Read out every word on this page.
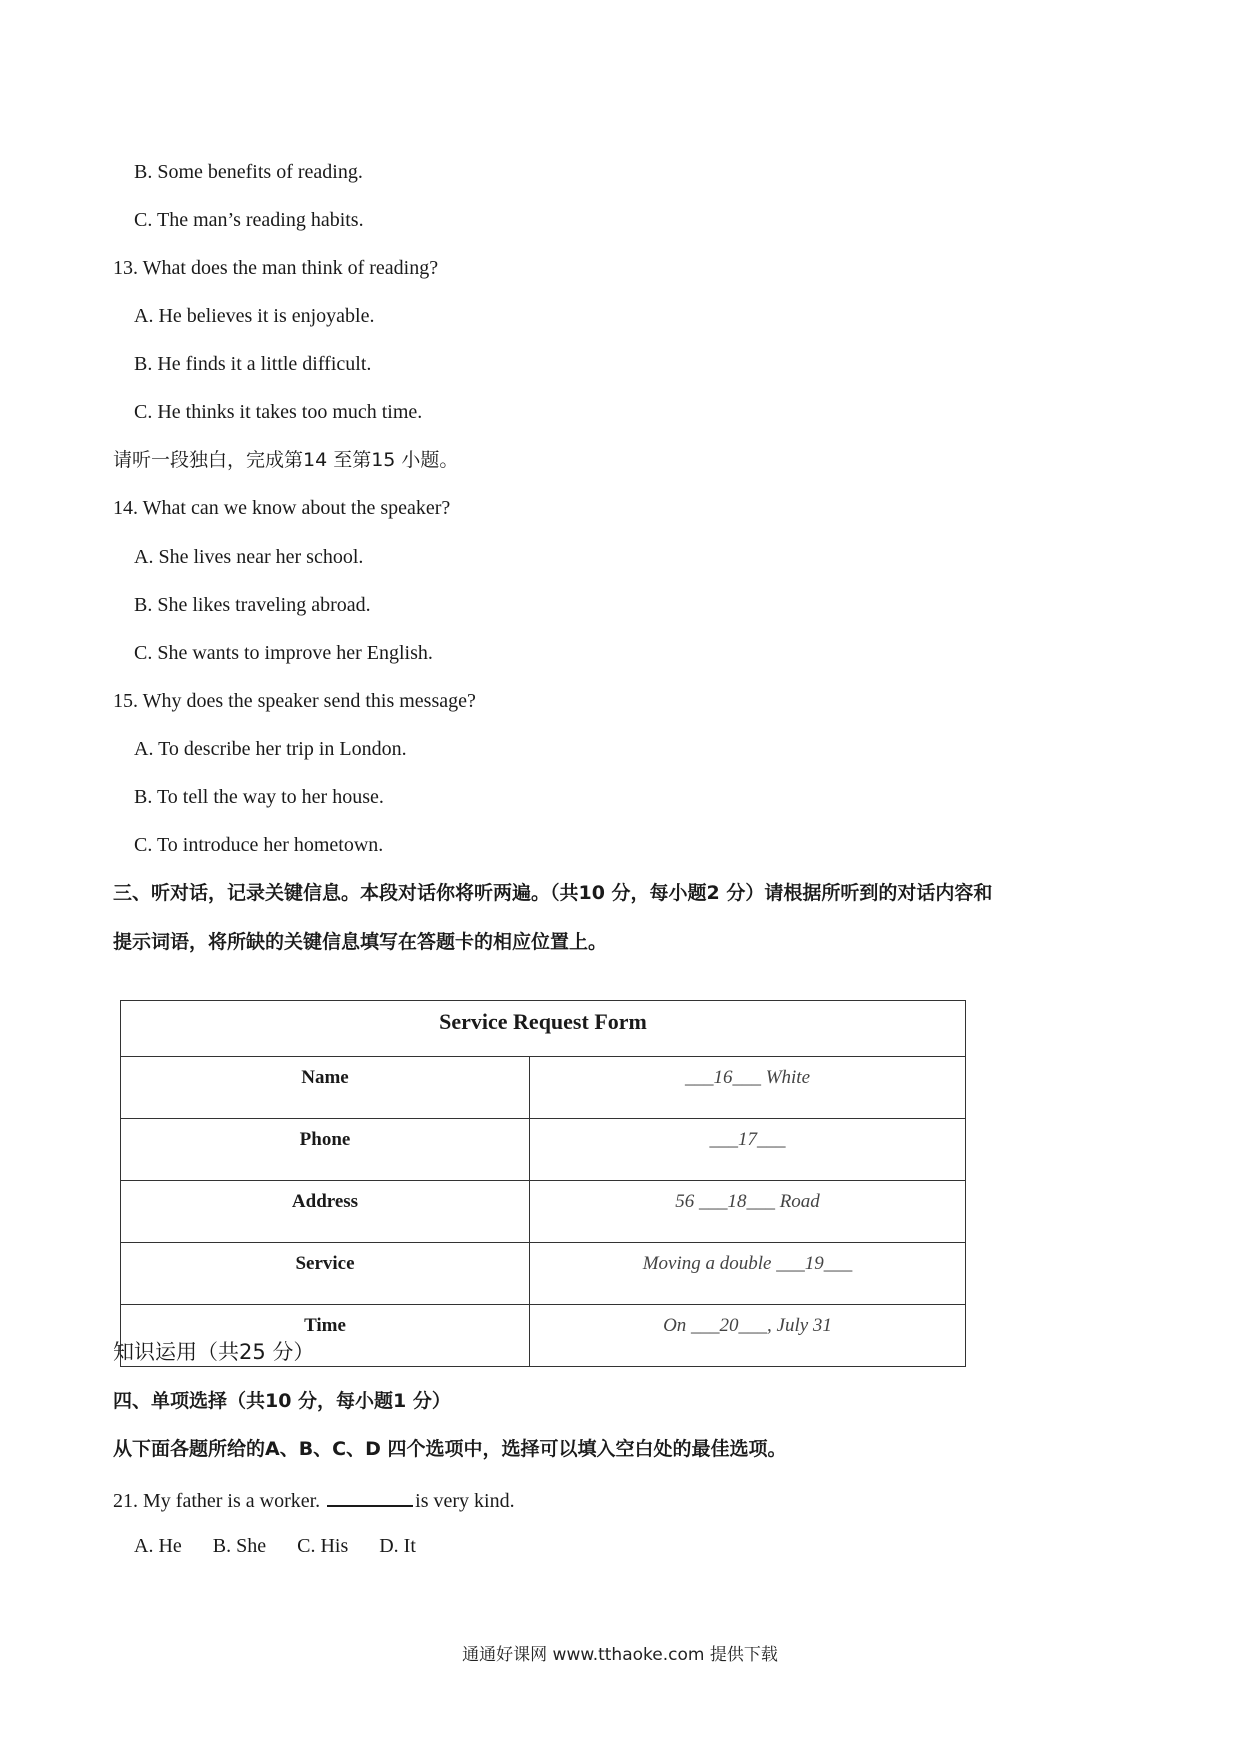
B. Some benefits of reading.
C. The man’s reading habits.
13. What does the man think of reading?
A. He believes it is enjoyable.
B. He finds it a little difficult.
C. He thinks it takes too much time.
请听一段独白，完成第14 至第15 小题。
14. What can we know about the speaker?
A. She lives near her school.
B. She likes traveling abroad.
C. She wants to improve her English.
15. Why does the speaker send this message?
A. To describe her trip in London.
B. To tell the way to her house.
C. To introduce her hometown.
三、听对话，记录关键信息。本段对话你将听两遍。（共10 分，每小题2 分）请根据所听到的对话内容和
提示词语，将所缺的关键信息填写在答题卡的相应位置上。
Service Request Form	
Name	___16___ White
Phone	___17___
Address	56 ___18___ Road
Service	Moving a double ___19___
Time	On ___20___, July 31
知识运用（共25 分）
四、单项选择（共10 分，每小题1 分）
从下面各题所给的A、B、C、D 四个选项中，选择可以填入空白处的最佳选项。
21. My father is a worker.	is very kind.
A. He B. She C. His D. It
通通好课网 www.tthaoke.com 提供下载
